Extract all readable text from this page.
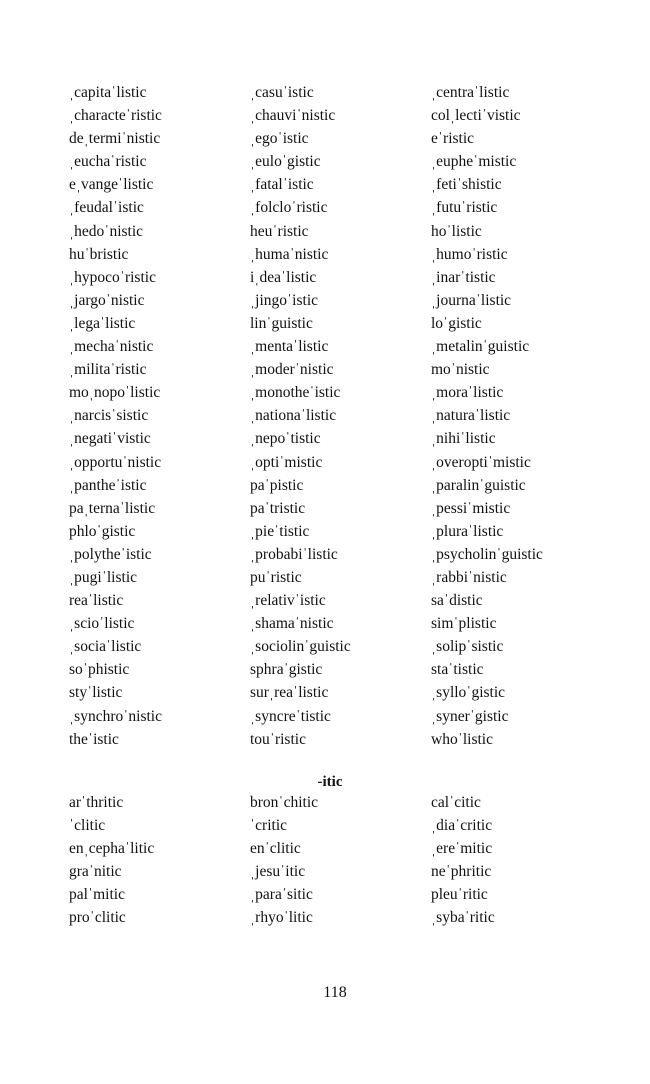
ˌcapitaˈlistic	ˌcasuˈistic	ˌcentraˈlistic
ˌcharacteˈristic	ˌchauviˈnistic	colˌlectiˈvistic
deˌtermiˈnistic	ˌegoˈistic	eˈristic
ˌeuchaˈristic	ˌeuloˈgistic	ˌeupheˈmistic
eˌvangeˈlistic	ˌfatalˈistic	ˌfetiˈshistic
ˌfeudalˈistic	ˌfolcloˈristic	ˌfutuˈristic
ˌhedoˈnistic	heuˈristic	hoˈlistic
huˈbristic	ˌhumaˈnistic	ˌhumoˈristic
ˌhypocoˈristic	iˌdeaˈlistic	ˌinarˈtistic
ˌjargoˈnistic	ˌjingoˈistic	ˌjournaˈlistic
ˌlegaˈlistic	linˈguistic	loˈgistic
ˌmechaˈnistic	ˌmentaˈlistic	ˌmetalinˈguistic
ˌmilitaˈristic	ˌmoderˈnistic	moˈnistic
moˌnopoˈlistic	ˌmonotheˈistic	ˌmoraˈlistic
ˌnarcisˈsistic	ˌnationaˈlistic	ˌnaturaˈlistic
ˌnegatiˈvistic	ˌnepoˈtistic	ˌnihiˈlistic
ˌopportuˈnistic	ˌoptiˈmistic	ˌoveroptiˈmistic
ˌpantheˈistic	paˈpistic	ˌparalinˈguistic
paˌternaˈlistic	paˈtristic	ˌpessiˈmistic
phloˈgistic	ˌpieˈtistic	ˌpluraˈlistic
ˌpolytheˈistic	ˌprobabiˈlistic	ˌpsycholinˈguistic
ˌpugiˈlistic	puˈristic	ˌrabbiˈnistic
reaˈlistic	ˌrelativˈistic	saˈdistic
ˌscioˈlistic	ˌshamaˈnistic	simˈplistic
ˌsociaˈlistic	ˌsociolinˈguistic	ˌsolipˈsistic
soˈphistic	sphraˈgistic	staˈtistic
styˈlistic	surˌreaˈlistic	ˌsylloˈgistic
ˌsynchroˈnistic	ˌsyncreˈtistic	ˌsynerˈgistic
theˈistic	touˈristic	whoˈlistic
-itic
arˈthritic	bronˈchitic	calˈcitic
ˈclitic	ˈcritic	ˌdiaˈcritic
enˌcephaˈlitic	enˈclitic	ˌereˈmitic
graˈnitic	ˌjesuˈitic	neˈphritic
palˈmitic	ˌparaˈsitic	pleuˈritic
proˈclitic	ˌrhyoˈlitic	ˌsybaˈritic
118
